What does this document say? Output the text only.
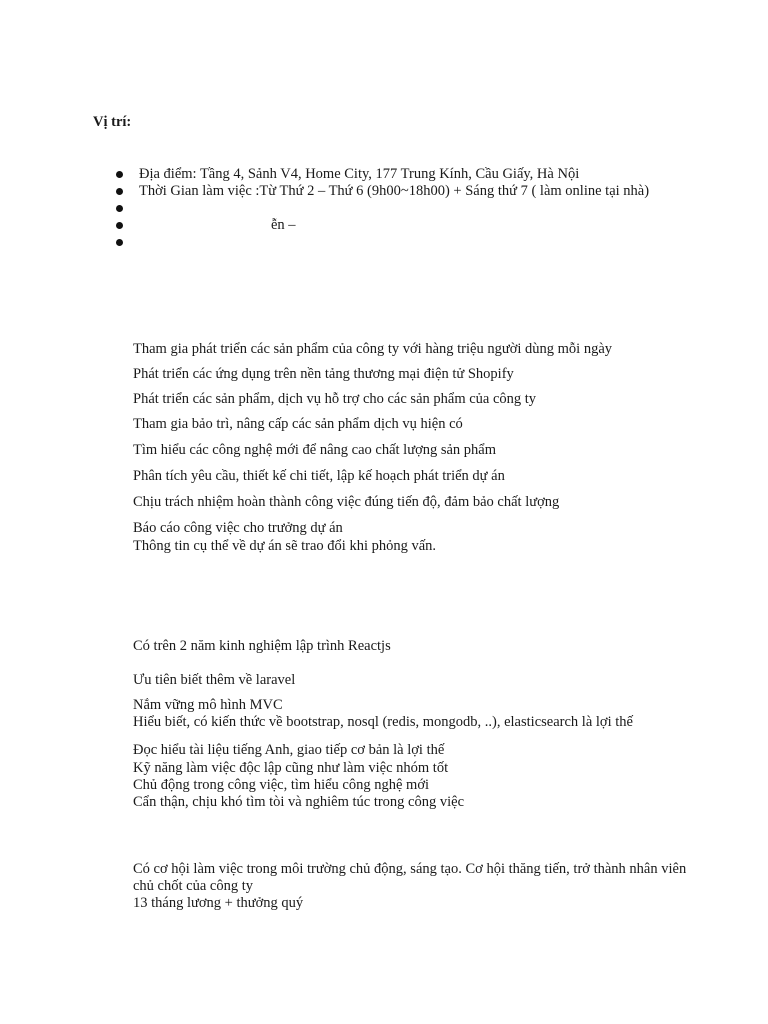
Vị trí:
Địa điểm: Tầng 4, Sảnh V4, Home City, 177 Trung Kính, Cầu Giấy, Hà Nội
Thời Gian làm việc :Từ Thứ 2 – Thứ 6 (9h00~18h00) + Sáng thứ 7 ( làm online tại nhà)
ễn –
Tham gia phát triển các sản phẩm của công ty với hàng triệu người dùng mỗi ngày
Phát triển các ứng dụng trên nền tảng thương mại điện tử Shopify
Phát triển các sản phẩm, dịch vụ hỗ trợ cho các sản phẩm của công ty
Tham gia bảo trì, nâng cấp các sản phẩm dịch vụ hiện có
Tìm hiểu các công nghệ mới để nâng cao chất lượng sản phẩm
Phân tích yêu cầu, thiết kế chi tiết, lập kế hoạch phát triển dự án
Chịu trách nhiệm hoàn thành công việc đúng tiến độ, đảm bảo chất lượng
Báo cáo công việc cho trưởng dự án
Thông tin cụ thể về dự án sẽ trao đổi khi phỏng vấn.
Có trên 2 năm kinh nghiệm lập trình Reactjs
Ưu tiên biết thêm về laravel
Nắm vững mô hình MVC
Hiểu biết, có kiến thức về bootstrap, nosql (redis, mongodb, ..), elasticsearch là lợi thế
Đọc hiểu tài liệu tiếng Anh, giao tiếp cơ bản là lợi thế
Kỹ năng làm việc độc lập cũng như làm việc nhóm tốt
Chủ động trong công việc, tìm hiểu công nghệ mới
Cẩn thận, chịu khó tìm tòi và nghiêm túc trong công việc

Có cơ hội làm việc trong môi trường chủ động, sáng tạo. Cơ hội thăng tiến, trở thành nhân viên chủ chốt của công ty

13 tháng lương + thưởng quý
